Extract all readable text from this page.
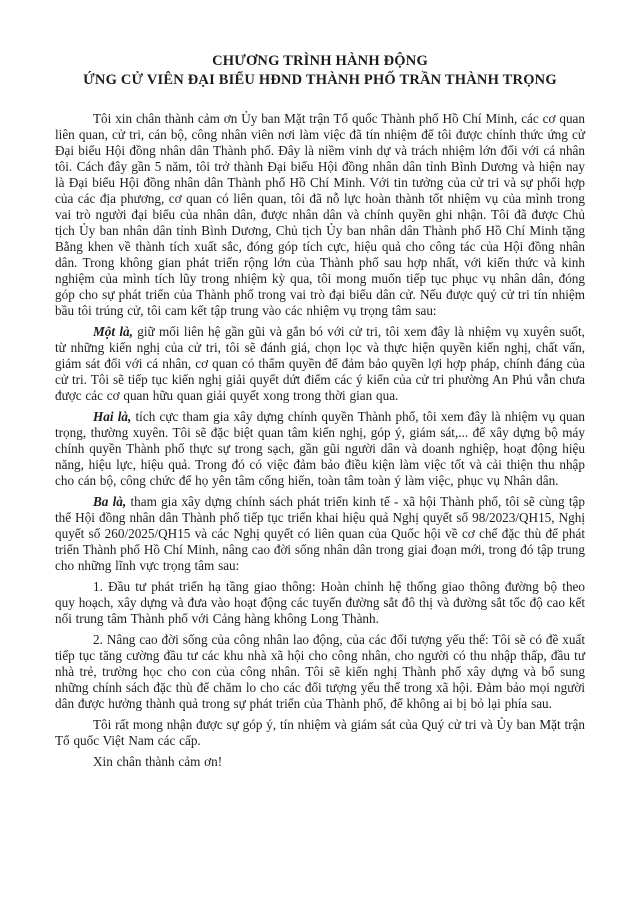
CHƯƠNG TRÌNH HÀNH ĐỘNG
ỨNG CỬ VIÊN ĐẠI BIỂU HĐND THÀNH PHỐ TRẦN THÀNH TRỌNG

Tôi xin chân thành cảm ơn Ủy ban Mặt trận Tổ quốc Thành phố Hồ Chí Minh, các cơ quan liên quan, cử tri, cán bộ, công nhân viên nơi làm việc đã tín nhiệm để tôi được chính thức ứng cử Đại biểu Hội đồng nhân dân Thành phố. Đây là niềm vinh dự và trách nhiệm lớn đối với cá nhân tôi. Cách đây gần 5 năm, tôi trở thành Đại biểu Hội đồng nhân dân tỉnh Bình Dương và hiện nay là Đại biểu Hội đồng nhân dân Thành phố Hồ Chí Minh. Với tin tưởng của cử tri và sự phối hợp của các địa phương, cơ quan có liên quan, tôi đã nỗ lực hoàn thành tốt nhiệm vụ của mình trong vai trò người đại biểu của nhân dân, được nhân dân và chính quyền ghi nhận. Tôi đã được Chủ tịch Ủy ban nhân dân tỉnh Bình Dương, Chủ tịch Ủy ban nhân dân Thành phố Hồ Chí Minh tặng Bằng khen về thành tích xuất sắc, đóng góp tích cực, hiệu quả cho công tác của Hội đồng nhân dân. Trong không gian phát triển rộng lớn của Thành phố sau hợp nhất, với kiến thức và kinh nghiệm của mình tích lũy trong nhiệm kỳ qua, tôi mong muốn tiếp tục phục vụ nhân dân, đóng góp cho sự phát triển của Thành phố trong vai trò đại biểu dân cử. Nếu được quý cử tri tín nhiệm bầu tôi trúng cử, tôi cam kết tập trung vào các nhiệm vụ trọng tâm sau:

Một là, giữ mối liên hệ gần gũi và gắn bó với cử tri, tôi xem đây là nhiệm vụ xuyên suốt, từ những kiến nghị của cử tri, tôi sẽ đánh giá, chọn lọc và thực hiện quyền kiến nghị, chất vấn, giám sát đối với cá nhân, cơ quan có thẩm quyền để đảm bảo quyền lợi hợp pháp, chính đáng của cử tri. Tôi sẽ tiếp tục kiến nghị giải quyết dứt điểm các ý kiến của cử tri phường An Phú vẫn chưa được các cơ quan hữu quan giải quyết xong trong thời gian qua.

Hai là, tích cực tham gia xây dựng chính quyền Thành phố, tôi xem đây là nhiệm vụ quan trọng, thường xuyên. Tôi sẽ đặc biệt quan tâm kiến nghị, góp ý, giám sát,... để xây dựng bộ máy chính quyền Thành phố thực sự trong sạch, gần gũi người dân và doanh nghiệp, hoạt động hiệu năng, hiệu lực, hiệu quả. Trong đó có việc đảm bảo điều kiện làm việc tốt và cải thiện thu nhập cho cán bộ, công chức để họ yên tâm cống hiến, toàn tâm toàn ý làm việc, phục vụ Nhân dân.

Ba là, tham gia xây dựng chính sách phát triển kinh tế - xã hội Thành phố, tôi sẽ cùng tập thể Hội đồng nhân dân Thành phố tiếp tục triển khai hiệu quả Nghị quyết số 98/2023/QH15, Nghị quyết số 260/2025/QH15 và các Nghị quyết có liên quan của Quốc hội về cơ chế đặc thù để phát triển Thành phố Hồ Chí Minh, nâng cao đời sống nhân dân trong giai đoạn mới, trong đó tập trung cho những lĩnh vực trọng tâm sau:

1. Đầu tư phát triển hạ tầng giao thông: Hoàn chỉnh hệ thống giao thông đường bộ theo quy hoạch, xây dựng và đưa vào hoạt động các tuyến đường sắt đô thị và đường sắt tốc độ cao kết nối trung tâm Thành phố với Cảng hàng không Long Thành.

2. Nâng cao đời sống của công nhân lao động, của các đối tượng yếu thế: Tôi sẽ có đề xuất tiếp tục tăng cường đầu tư các khu nhà xã hội cho công nhân, cho người có thu nhập thấp, đầu tư nhà trẻ, trường học cho con của công nhân. Tôi sẽ kiến nghị Thành phố xây dựng và bổ sung những chính sách đặc thù để chăm lo cho các đối tượng yếu thế trong xã hội. Đảm bảo mọi người dân được hưởng thành quả trong sự phát triển của Thành phố, để không ai bị bỏ lại phía sau.

Tôi rất mong nhận được sự góp ý, tín nhiệm và giám sát của Quý cử tri và Ủy ban Mặt trận Tổ quốc Việt Nam các cấp.

Xin chân thành cảm ơn!
